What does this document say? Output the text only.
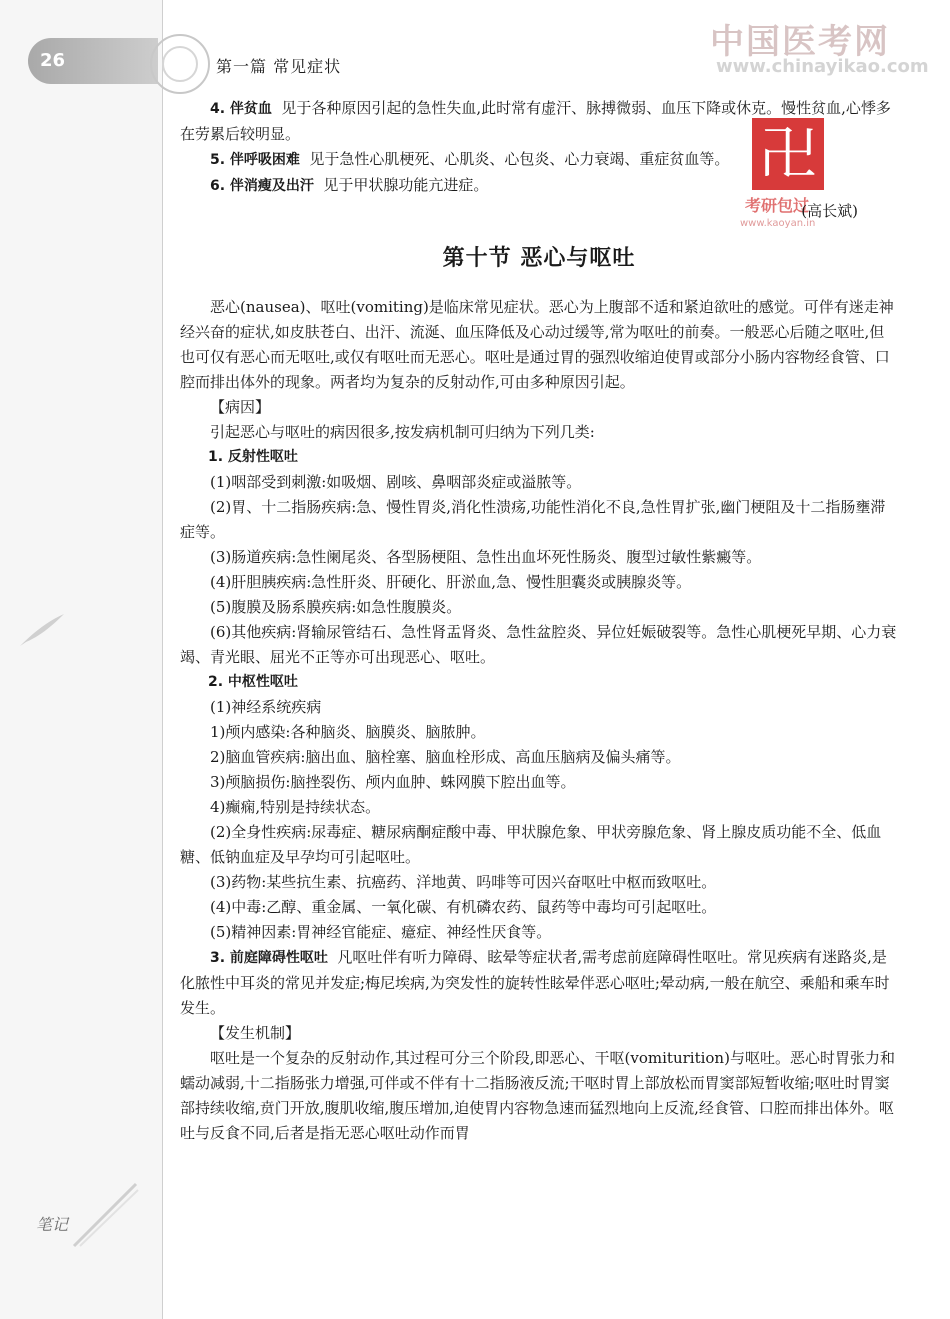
26	第一篇 常见症状
中国医考网
www.chinayikao.com
卍
考研包过
www.kaoyan.in
笔记

4. 伴贫血 见于各种原因引起的急性失血,此时常有虚汗、脉搏微弱、血压下降或休克。慢性贫血,心悸多在劳累后较明显。

5. 伴呼吸困难 见于急性心肌梗死、心肌炎、心包炎、心力衰竭、重症贫血等。

6. 伴消瘦及出汗 见于甲状腺功能亢进症。

(高长斌)

第十节 恶心与呕吐

恶心(nausea)、呕吐(vomiting)是临床常见症状。恶心为上腹部不适和紧迫欲吐的感觉。可伴有迷走神经兴奋的症状,如皮肤苍白、出汗、流涎、血压降低及心动过缓等,常为呕吐的前奏。一般恶心后随之呕吐,但也可仅有恶心而无呕吐,或仅有呕吐而无恶心。呕吐是通过胃的强烈收缩迫使胃或部分小肠内容物经食管、口腔而排出体外的现象。两者均为复杂的反射动作,可由多种原因引起。

【病因】

引起恶心与呕吐的病因很多,按发病机制可归纳为下列几类:

1. 反射性呕吐

(1)咽部受到刺激:如吸烟、剧咳、鼻咽部炎症或溢脓等。

(2)胃、十二指肠疾病:急、慢性胃炎,消化性溃疡,功能性消化不良,急性胃扩张,幽门梗阻及十二指肠壅滞症等。

(3)肠道疾病:急性阑尾炎、各型肠梗阻、急性出血坏死性肠炎、腹型过敏性紫癜等。

(4)肝胆胰疾病:急性肝炎、肝硬化、肝淤血,急、慢性胆囊炎或胰腺炎等。

(5)腹膜及肠系膜疾病:如急性腹膜炎。

(6)其他疾病:肾输尿管结石、急性肾盂肾炎、急性盆腔炎、异位妊娠破裂等。急性心肌梗死早期、心力衰竭、青光眼、屈光不正等亦可出现恶心、呕吐。

2. 中枢性呕吐

(1)神经系统疾病

1)颅内感染:各种脑炎、脑膜炎、脑脓肿。

2)脑血管疾病:脑出血、脑栓塞、脑血栓形成、高血压脑病及偏头痛等。

3)颅脑损伤:脑挫裂伤、颅内血肿、蛛网膜下腔出血等。

4)癫痫,特别是持续状态。

(2)全身性疾病:尿毒症、糖尿病酮症酸中毒、甲状腺危象、甲状旁腺危象、肾上腺皮质功能不全、低血糖、低钠血症及早孕均可引起呕吐。

(3)药物:某些抗生素、抗癌药、洋地黄、吗啡等可因兴奋呕吐中枢而致呕吐。

(4)中毒:乙醇、重金属、一氧化碳、有机磷农药、鼠药等中毒均可引起呕吐。

(5)精神因素:胃神经官能症、癔症、神经性厌食等。

3. 前庭障碍性呕吐 凡呕吐伴有听力障碍、眩晕等症状者,需考虑前庭障碍性呕吐。常见疾病有迷路炎,是化脓性中耳炎的常见并发症;梅尼埃病,为突发性的旋转性眩晕伴恶心呕吐;晕动病,一般在航空、乘船和乘车时发生。

【发生机制】

呕吐是一个复杂的反射动作,其过程可分三个阶段,即恶心、干呕(vomiturition)与呕吐。恶心时胃张力和蠕动减弱,十二指肠张力增强,可伴或不伴有十二指肠液反流;干呕时胃上部放松而胃窦部短暂收缩;呕吐时胃窦部持续收缩,贲门开放,腹肌收缩,腹压增加,迫使胃内容物急速而猛烈地向上反流,经食管、口腔而排出体外。呕吐与反食不同,后者是指无恶心呕吐动作而胃
